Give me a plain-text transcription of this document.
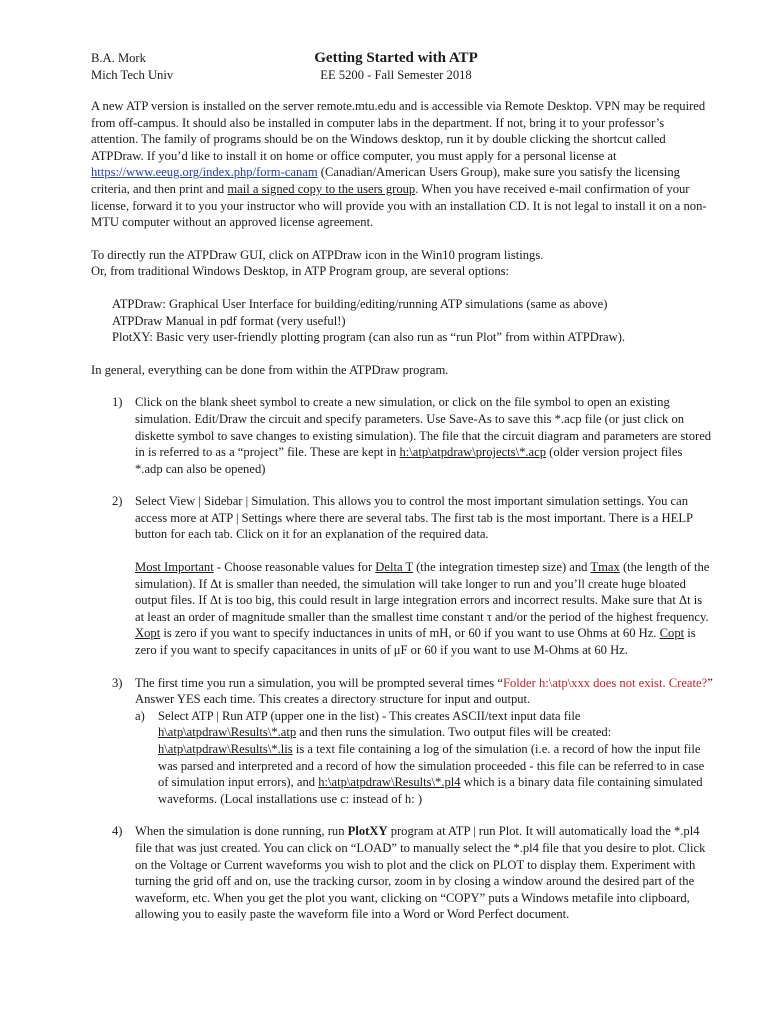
B.A. Mork
Mich Tech Univ
Getting Started with ATP
EE 5200 - Fall Semester 2018

A new ATP version is installed on the server remote.mtu.edu and is accessible via Remote Desktop. VPN may be required from off-campus. It should also be installed in computer labs in the department. If not, bring it to your professor’s attention. The family of programs should be on the Windows desktop, run it by double clicking the shortcut called ATPDraw. If you’d like to install it on home or office computer, you must apply for a personal license at https://www.eeug.org/index.php/form-canam (Canadian/American Users Group), make sure you satisfy the licensing criteria, and then print and mail a signed copy to the users group. When you have received e-mail confirmation of your license, forward it to you your instructor who will provide you with an installation CD. It is not legal to install it on a non-MTU computer without an approved license agreement.

To directly run the ATPDraw GUI, click on ATPDraw icon in the Win10 program listings.
Or, from traditional Windows Desktop, in ATP Program group, are several options:

ATPDraw: Graphical User Interface for building/editing/running ATP simulations (same as above)
ATPDraw Manual in pdf format (very useful!)
PlotXY: Basic very user-friendly plotting program (can also run as “run Plot” from within ATPDraw).

In general, everything can be done from within the ATPDraw program.

1) Click on the blank sheet symbol to create a new simulation, or click on the file symbol to open an existing simulation. Edit/Draw the circuit and specify parameters. Use Save-As to save this *.acp file (or just click on diskette symbol to save changes to existing simulation). The file that the circuit diagram and parameters are stored in is referred to as a “project” file. These are kept in h:\atp\atpdraw\projects\*.acp (older version project files *.adp can also be opened)
2) Select View | Sidebar | Simulation. This allows you to control the most important simulation settings. You can access more at ATP | Settings where there are several tabs. The first tab is the most important. There is a HELP button for each tab. Click on it for an explanation of the required data.

Most Important - Choose reasonable values for Delta T (the integration timestep size) and Tmax (the length of the simulation). If Δt is smaller than needed, the simulation will take longer to run and you’ll create huge bloated output files. If Δt is too big, this could result in large integration errors and incorrect results. Make sure that Δt is at least an order of magnitude smaller than the smallest time constant τ and/or the period of the highest frequency. Xopt is zero if you want to specify inductances in units of mH, or 60 if you want to use Ohms at 60 Hz. Copt is zero if you want to specify capacitances in units of μF or 60 if you want to use M-Ohms at 60 Hz.

3) The first time you run a simulation, you will be prompted several times “Folder h:\atp\xxx does not exist. Create?” Answer YES each time. This creates a directory structure for input and output.

a) Select ATP | Run ATP (upper one in the list) - This creates ASCII/text input data file h\atp\atpdraw\Results\*.atp and then runs the simulation. Two output files will be created: h\atp\atpdraw\Results\*.lis is a text file containing a log of the simulation (i.e. a record of how the input file was parsed and interpreted and a record of how the simulation proceeded - this file can be referred to in case of simulation input errors), and h:\atp\atpdraw\Results\*.pl4 which is a binary data file containing simulated waveforms. (Local installations use c: instead of h: )
4) When the simulation is done running, run PlotXY program at ATP | run Plot. It will automatically load the *.pl4 file that was just created. You can click on “LOAD” to manually select the *.pl4 file that you desire to plot. Click on the Voltage or Current waveforms you wish to plot and the click on PLOT to display them. Experiment with turning the grid off and on, use the tracking cursor, zoom in by closing a window around the desired part of the waveform, etc. When you get the plot you want, clicking on “COPY” puts a Windows metafile into clipboard, allowing you to easily paste the waveform file into a Word or Word Perfect document.
